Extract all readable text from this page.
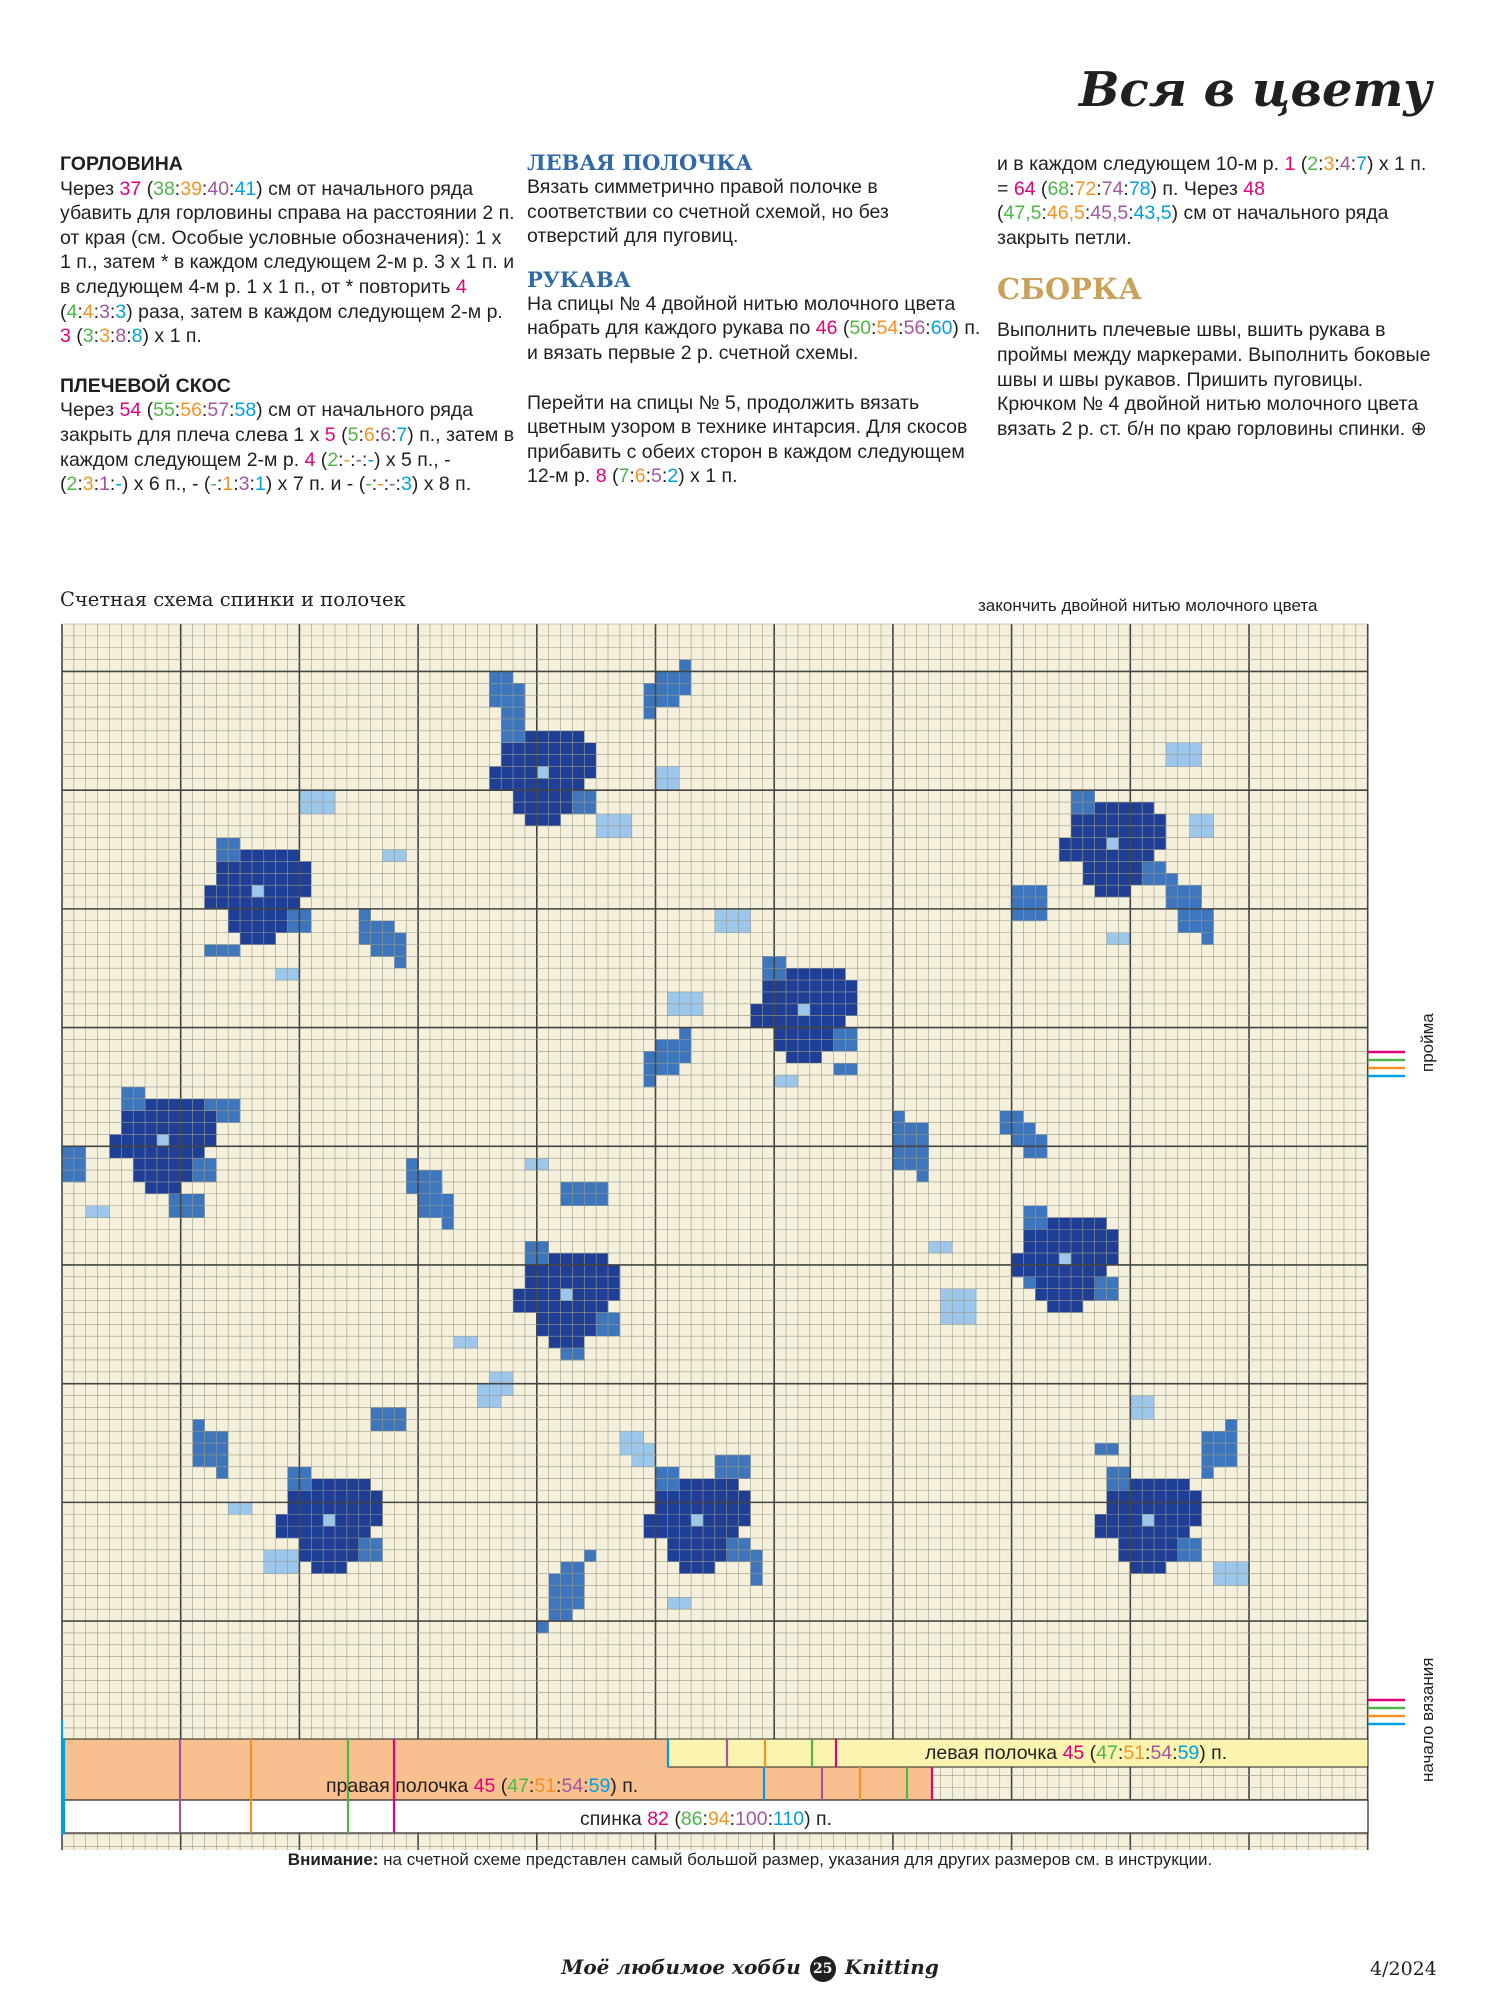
Вся в цвету

ГОРЛОВИНА

Через 37 (38:39:40:41) см от начального ряда убавить для горловины справа на расстоянии 2 п. от края (см. Особые условные обозначения): 1 х 1 п., затем * в каждом следующем 2-м р. 3 х 1 п. и в следующем 4-м р. 1 х 1 п., от * повторить 4 (4:4:3:3) раза, затем в каждом следующем 2-м р. 3 (3:3:8:8) х 1 п.

ПЛЕЧЕВОЙ СКОС

Через 54 (55:56:57:58) см от начального ряда закрыть для плеча слева 1 х 5 (5:6:6:7) п., затем в каждом следующем 2-м р. 4 (2:-:-:-) х 5 п., - (2:3:1:-) х 6 п., - (-:1:3:1) х 7 п. и - (-:-:-:3) х 8 п.

ЛЕВАЯ ПОЛОЧКА

Вязать симметрично правой полочке в соответствии со счетной схемой, но без отверстий для пуговиц.

РУКАВА

На спицы № 4 двойной нитью молочного цвета набрать для каждого рукава по 46 (50:54:56:60) п. и вязать первые 2 р. счетной схемы.

Перейти на спицы № 5, продолжить вязать цветным узором в технике интарсия. Для скосов прибавить с обеих сторон в каждом следующем 12-м р. 8 (7:6:5:2) х 1 п.

и в каждом следующем 10-м р. 1 (2:3:4:7) х 1 п. = 64 (68:72:74:78) п. Через 48 (47,5:46,5:45,5:43,5) см от начального ряда закрыть петли.

СБОРКА

Выполнить плечевые швы, вшить рукава в проймы между маркерами. Выполнить боковые швы и швы рукавов. Пришить пуговицы. Крючком № 4 двойной нитью молочного цвета вязать 2 р. ст. б/н по краю горловины спинки. ⊕

Счетная схема спинки и полочек	закончить двойной нитью молочного цвета
пройма
начало вязания
левая полочка 45 (47:51:54:59) п.
правая полочка 45 (47:51:54:59) п.
спинка 82 (86:94:100:110) п.
Внимание: на счетной схеме представлен самый большой размер, указания для других размеров см. в инструкции.
Моё любимое хобби 25 Knitting	4/2024
